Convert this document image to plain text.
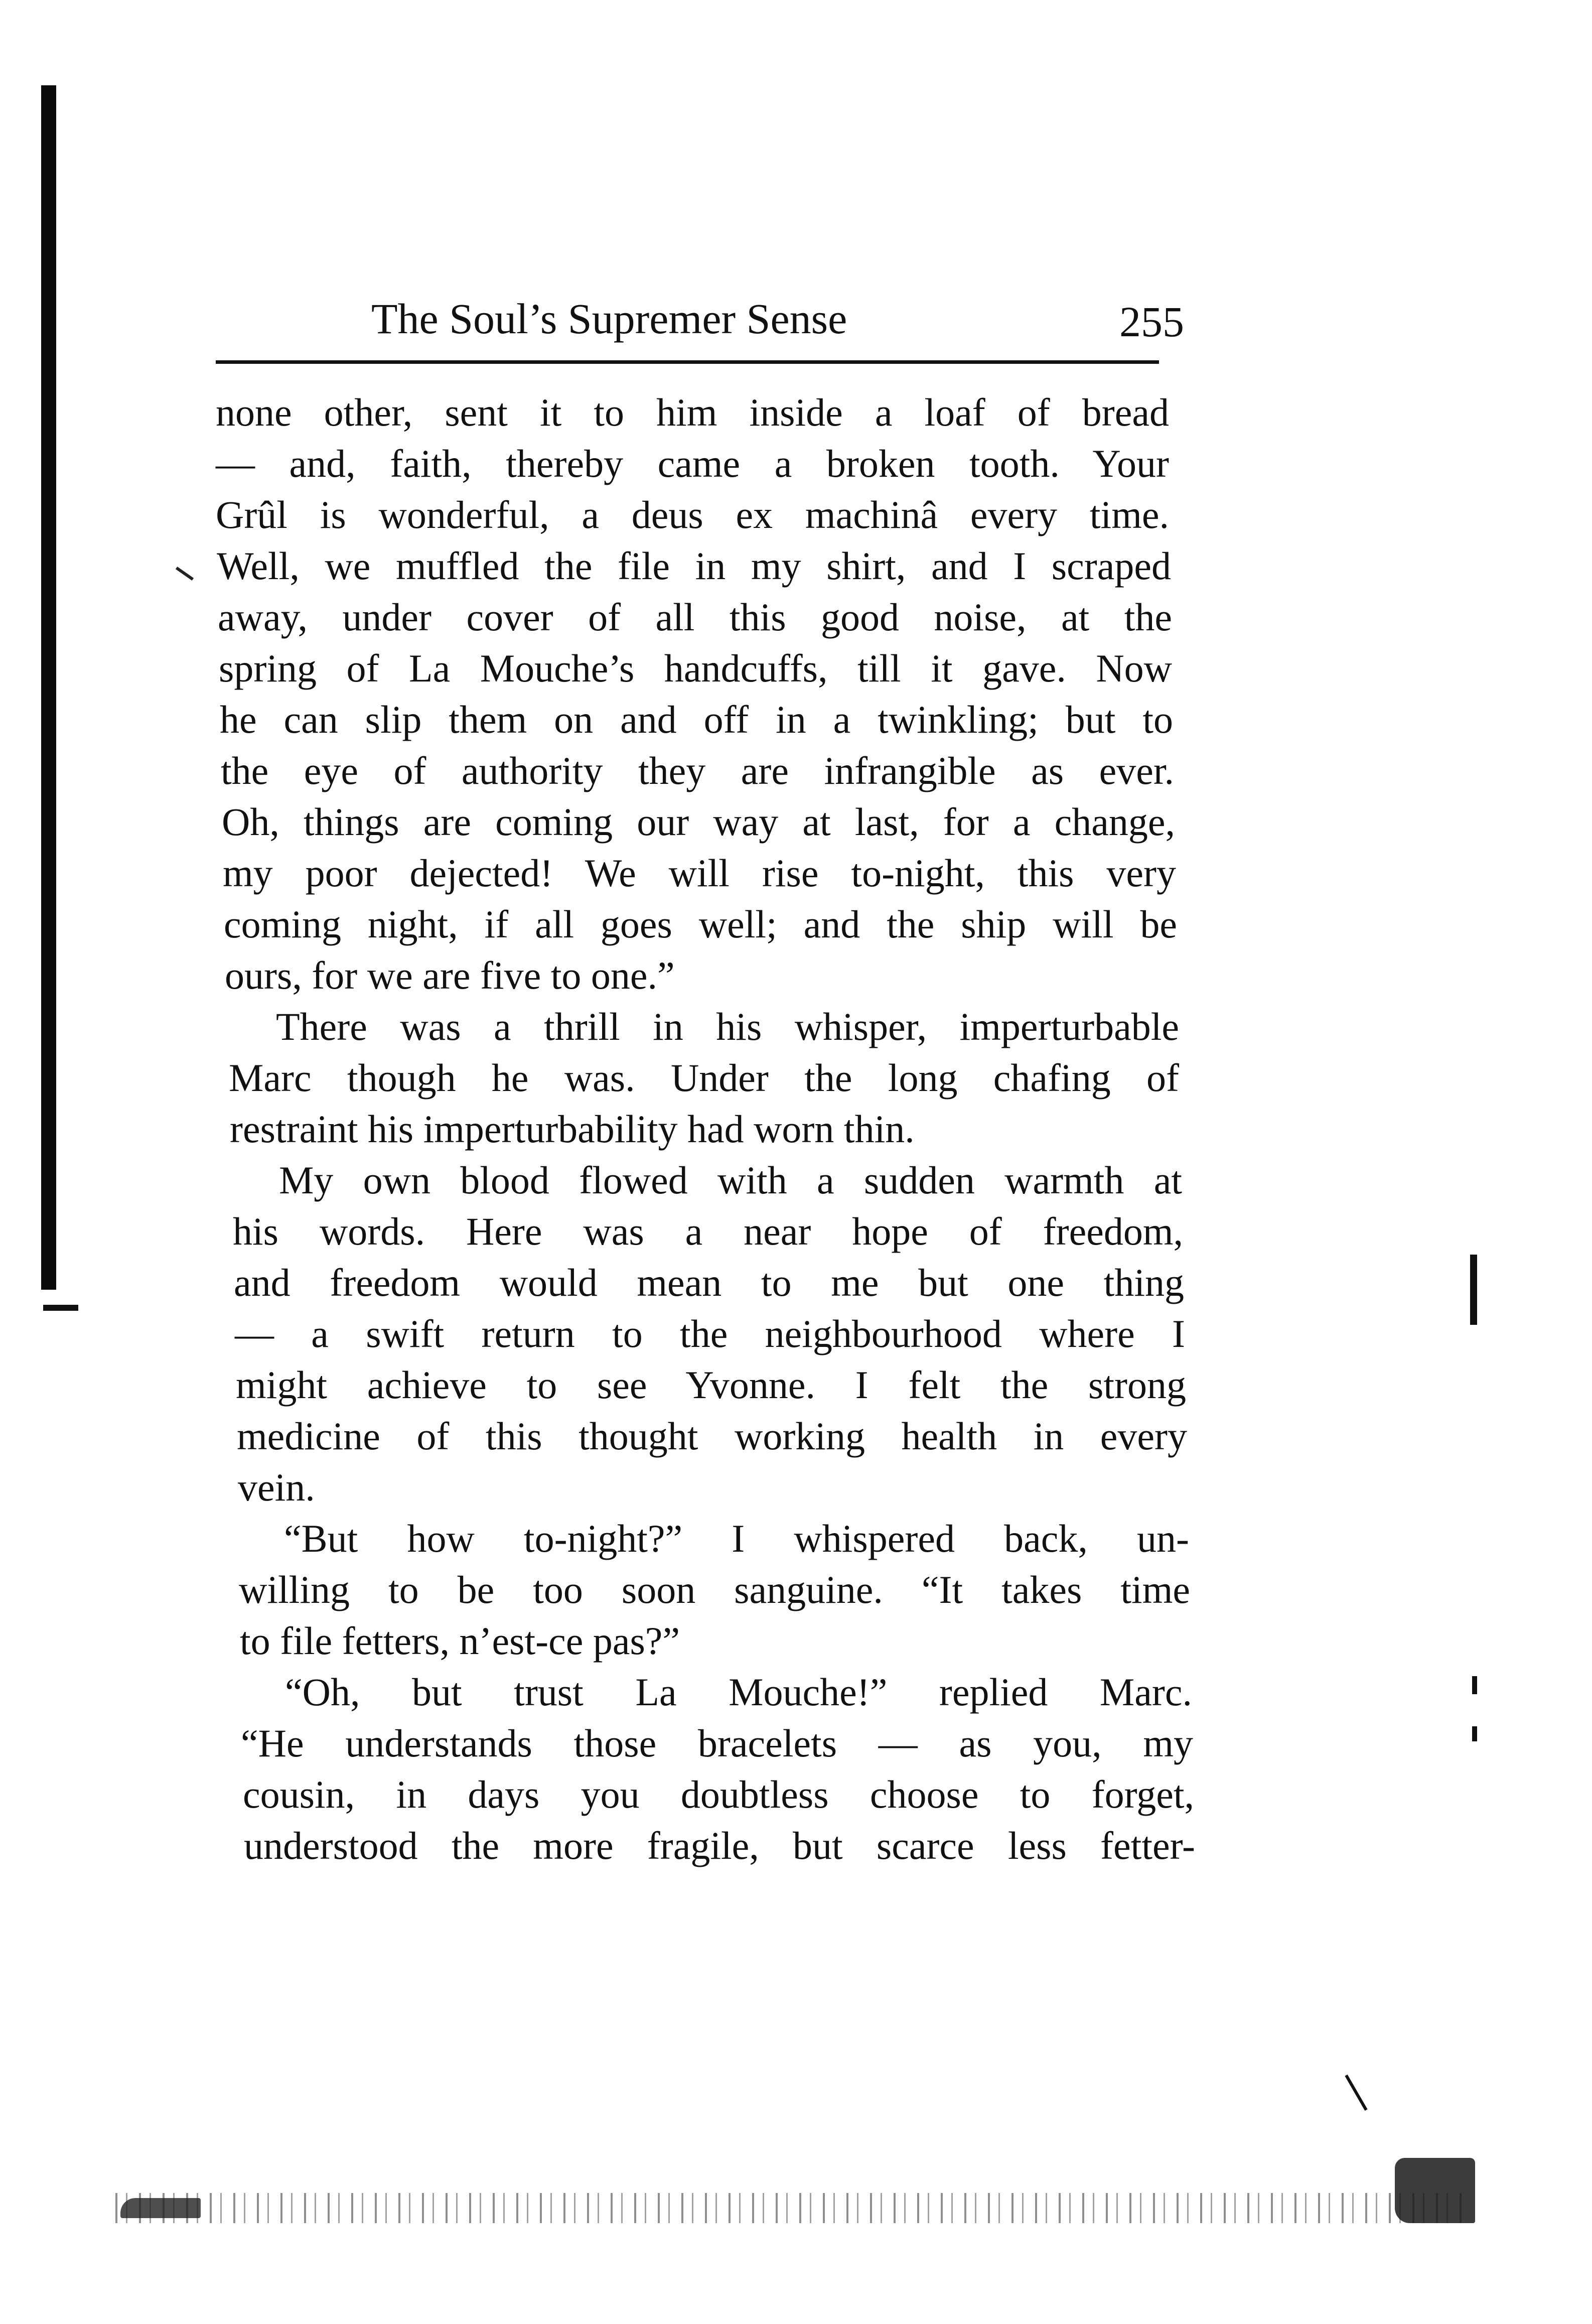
The Soul’s Supremer Sense	255
none other, sent it to him inside a loaf of bread
— and, faith, thereby came a broken tooth. Your
Grûl is wonderful, a deus ex machinâ every time.
Well, we muffled the file in my shirt, and I scraped
away, under cover of all this good noise, at the
spring of La Mouche’s handcuffs, till it gave. Now
he can slip them on and off in a twinkling; but to
the eye of authority they are infrangible as ever.
Oh, things are coming our way at last, for a change,
my poor dejected! We will rise to-night, this very
coming night, if all goes well; and the ship will be
ours, for we are five to one.”
There was a thrill in his whisper, imperturbable
Marc though he was. Under the long chafing of
restraint his imperturbability had worn thin.
My own blood flowed with a sudden warmth at
his words. Here was a near hope of freedom,
and freedom would mean to me but one thing
— a swift return to the neighbourhood where I
might achieve to see Yvonne. I felt the strong
medicine of this thought working health in every
vein.
“But how to-night?” I whispered back, un-
willing to be too soon sanguine. “It takes time
to file fetters, n’est-ce pas?”
“Oh, but trust La Mouche!” replied Marc.
“He understands those bracelets — as you, my
cousin, in days you doubtless choose to forget,
understood the more fragile, but scarce less fetter-
